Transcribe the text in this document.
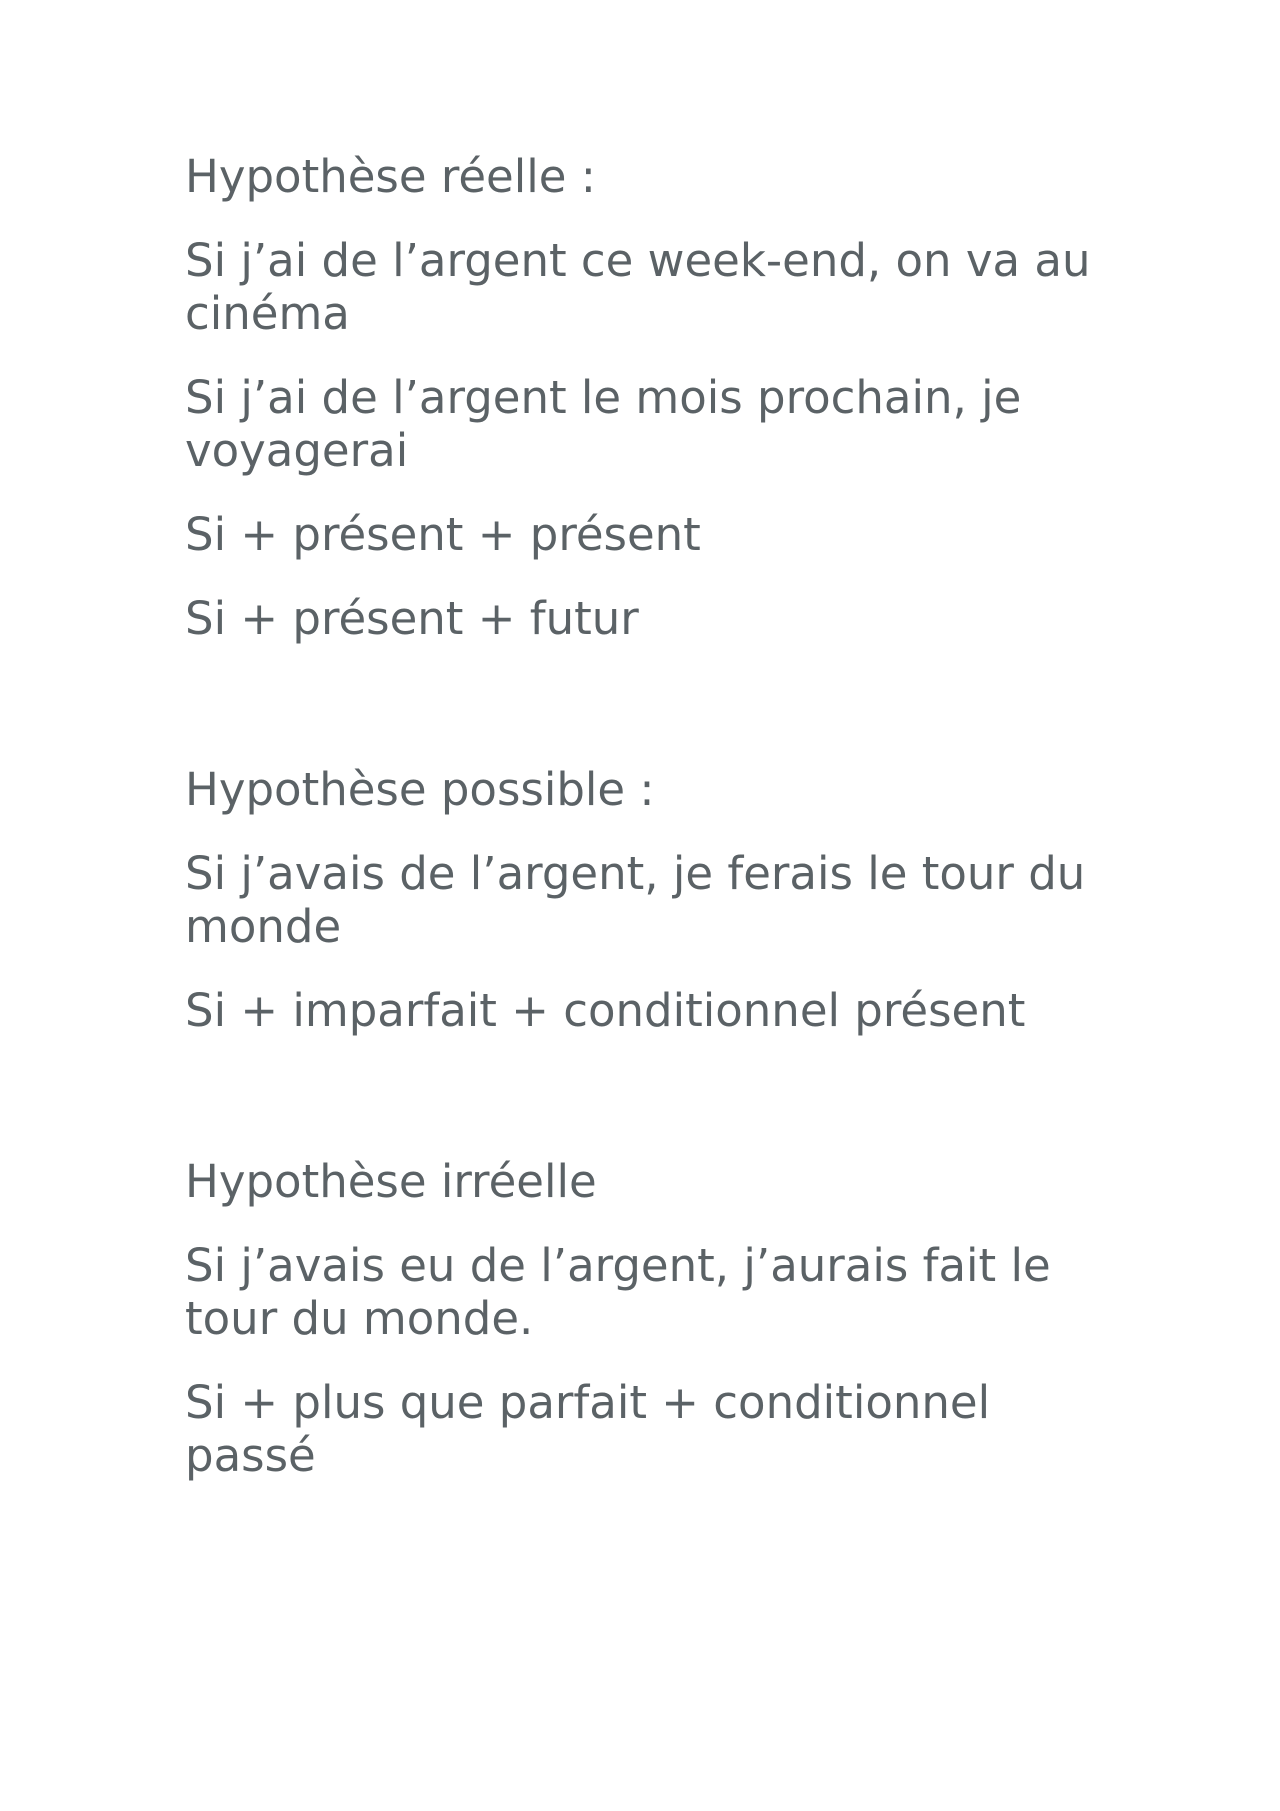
Hypothèse réelle :

Si j’ai de l’argent ce week-end, on va au cinéma

Si j’ai de l’argent le mois prochain, je voyagerai

Si + présent + présent

Si + présent + futur

Hypothèse possible :

Si j’avais de l’argent, je ferais le tour du monde

Si + imparfait + conditionnel présent

Hypothèse irréelle

Si j’avais eu de l’argent, j’aurais fait le tour du monde.

Si + plus que parfait + conditionnel passé
